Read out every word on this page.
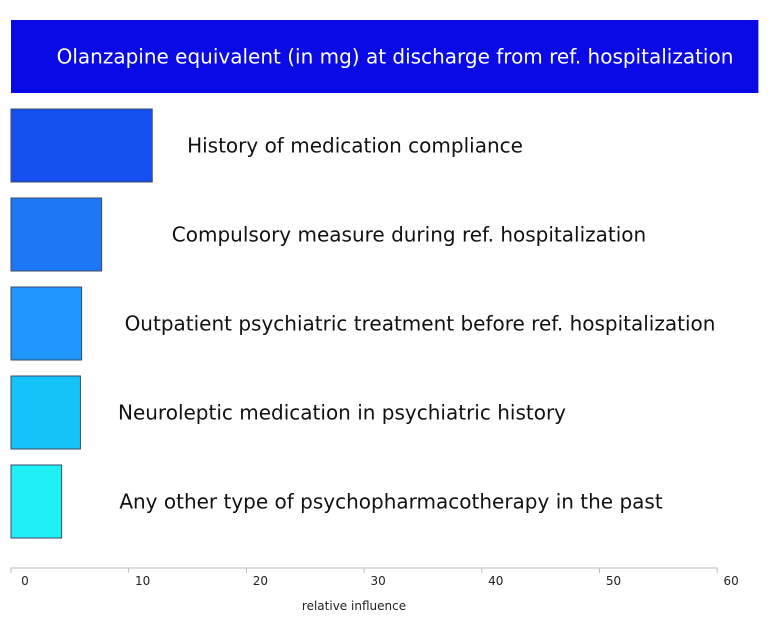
Olanzapine equivalent (in mg) at discharge from ref. hospitalization
History of medication compliance
Compulsory measure during ref. hospitalization
Outpatient psychiatric treatment before ref. hospitalization
Neuroleptic medication in psychiatric history
Any other type of psychopharmacotherapy in the past
0	10	20	30	40	50	60
relative influence
